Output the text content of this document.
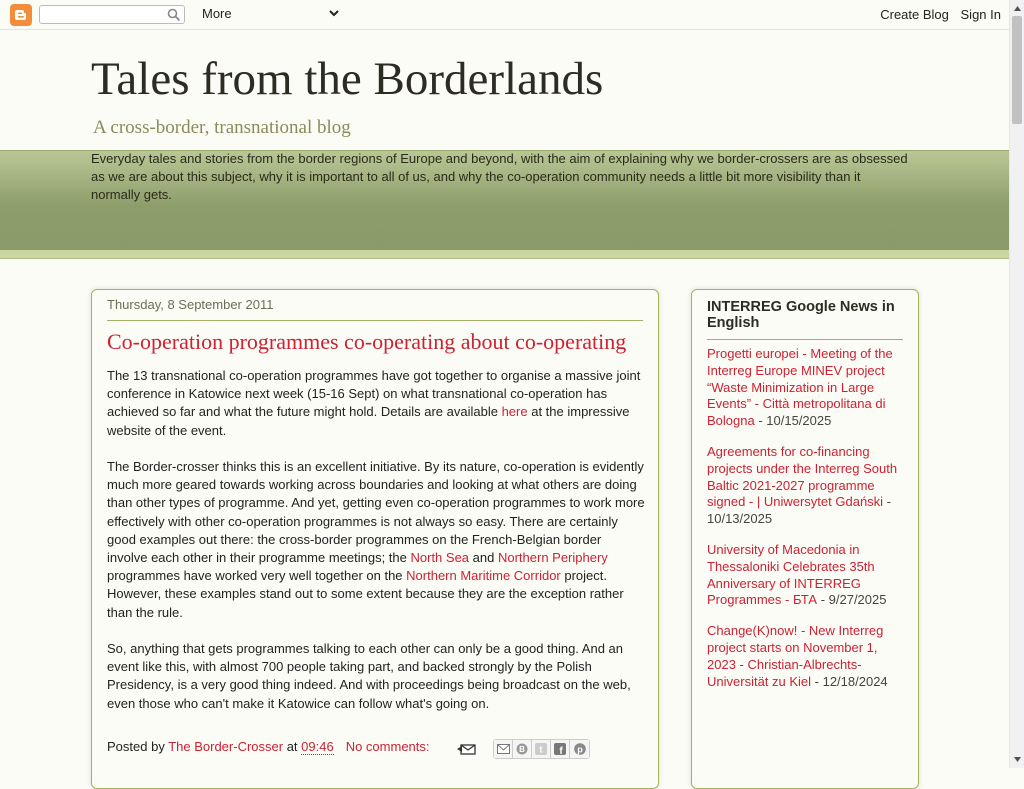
More	Create Blog Sign In
Tales from the Borderlands

A cross-border, transnational blog

Everyday tales and stories from the border regions of Europe and beyond, with the aim of explaining why we border-crossers are as obsessed as we are about this subject, why it is important to all of us, and why the co-operation community needs a little bit more visibility than it normally gets.

Thursday, 8 September 2011
Co-operation programmes co-operating about co-operating

The 13 transnational co-operation programmes have got together to organise a massive joint conference in Katowice next week (15-16 Sept) on what transnational co-operation has achieved so far and what the future might hold. Details are available here at the impressive website of the event.

The Border-crosser thinks this is an excellent initiative. By its nature, co-operation is evidently much more geared towards working across boundaries and looking at what others are doing than other types of programme. And yet, getting even co-operation programmes to work more effectively with other co-operation programmes is not always so easy. There are certainly good examples out there: the cross-border programmes on the French-Belgian border involve each other in their programme meetings; the North Sea and Northern Periphery programmes have worked very well together on the Northern Maritime Corridor project. However, these examples stand out to some extent because they are the exception rather than the rule.

So, anything that gets programmes talking to each other can only be a good thing. And an event like this, with almost 700 people taking part, and backed strongly by the Polish Presidency, is a very good thing indeed. And with proceedings being broadcast on the web, even those who can't make it Katowice can follow what's going on.

Posted by The Border-Crosser at 09:46 No comments:	B t f p
INTERREG Google News in English
Progetti europei - Meeting of the Interreg Europe MINEV project “Waste Minimization in Large Events” - Città metropolitana di Bologna - 10/15/2025
Agreements for co-financing projects under the Interreg South Baltic 2021-2027 programme signed - | Uniwersytet Gdański - 10/13/2025
University of Macedonia in Thessaloniki Celebrates 35th Anniversary of INTERREG Programmes - БТА - 9/27/2025
Change(K)now! - New Interreg project starts on November 1, 2023 - Christian-Albrechts-Universität zu Kiel - 12/18/2024
